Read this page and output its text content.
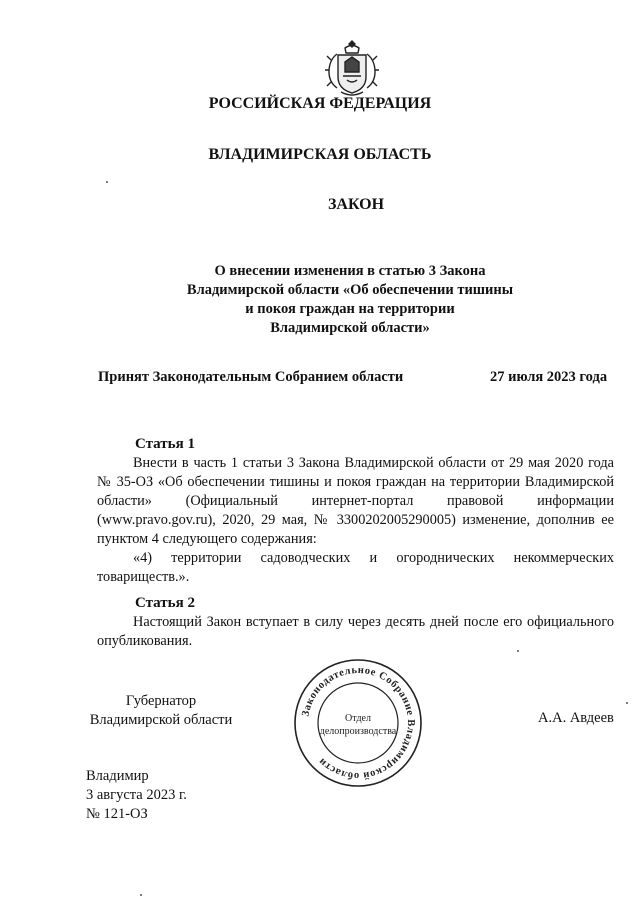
РОССИЙСКАЯ ФЕДЕРАЦИЯ
ВЛАДИМИРСКАЯ ОБЛАСТЬ
ЗАКОН
О внесении изменения в статью 3 Закона
Владимирской области «Об обеспечении тишины
и покоя граждан на территории
Владимирской области»
Принят Законодательным Собранием области	27 июля 2023 года
Статья 1
Внести в часть 1 статьи 3 Закона Владимирской области от 29 мая 2020 года № 35-ОЗ «Об обеспечении тишины и покоя граждан на территории Владимирской области» (Официальный интернет-портал правовой информации (www.pravo.gov.ru), 2020, 29 мая, № 3300202005290005) изменение, дополнив ее пунктом 4 следующего содержания:
«4) территории садоводческих и огороднических некоммерческих товариществ.».
Статья 2
Настоящий Закон вступает в силу через десять дней после его официального опубликования.
Губернатор
Владимирской области	Законодательное Собрание Владимирской области
Отдел
делопроизводства
А.А. Авдеев
Владимир
3 августа 2023 г.
№ 121-ОЗ
